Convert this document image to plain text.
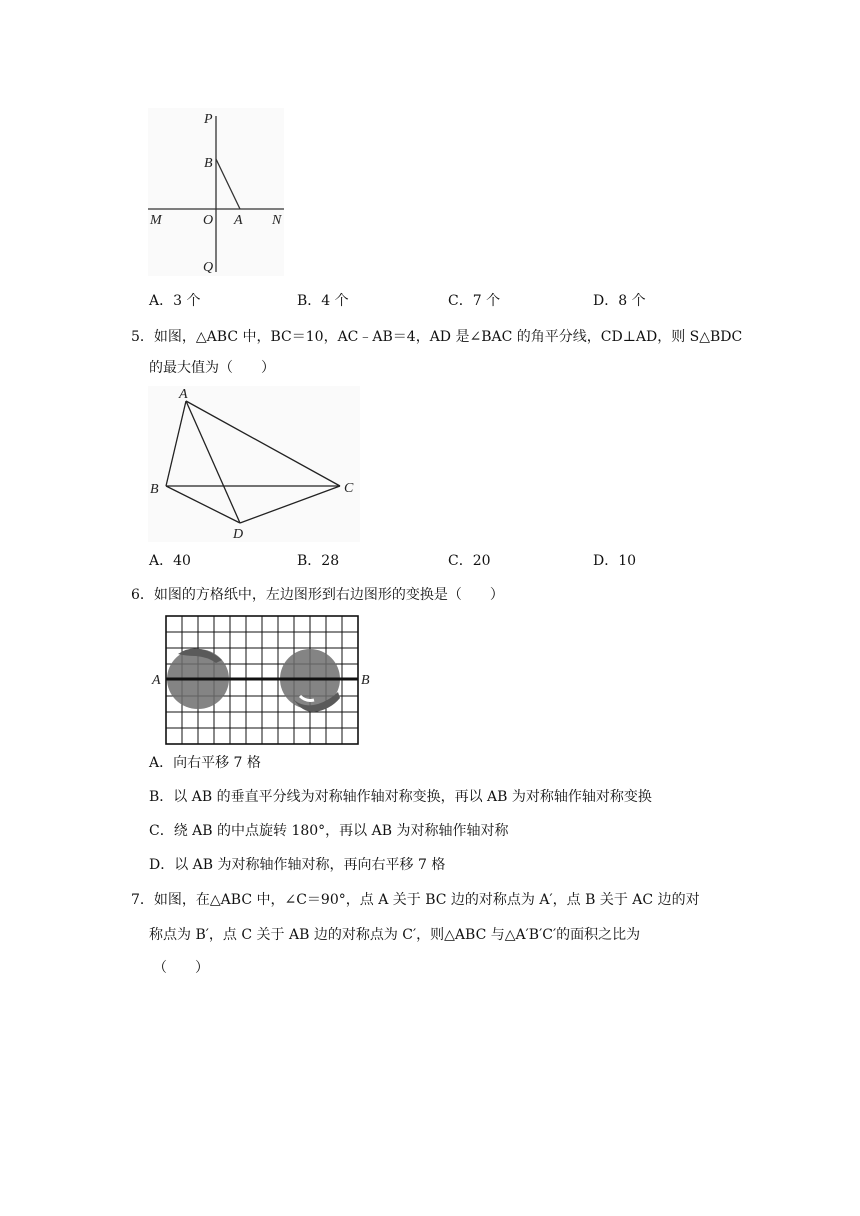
P
B
M	O A N
Q
A．3 个	B．4 个	C．7 个	D．8 个
5．如图，△ABC 中，BC＝10，AC﹣AB＝4，AD 是∠BAC 的角平分线，CD⊥AD，则 S△BDC
的最大值为（　　）
A
B	C
D
A．40	B．28	C．20	D．10
6．如图的方格纸中，左边图形到右边图形的变换是（　　）
A	B
A．向右平移 7 格
B．以 AB 的垂直平分线为对称轴作轴对称变换，再以 AB 为对称轴作轴对称变换
C．绕 AB 的中点旋转 180°，再以 AB 为对称轴作轴对称
D．以 AB 为对称轴作轴对称，再向右平移 7 格
7．如图，在△ABC 中，∠C＝90°，点 A 关于 BC 边的对称点为 A′，点 B 关于 AC 边的对
称点为 B′，点 C 关于 AB 边的对称点为 C′，则△ABC 与△A′B′C′的面积之比为
（　　）
